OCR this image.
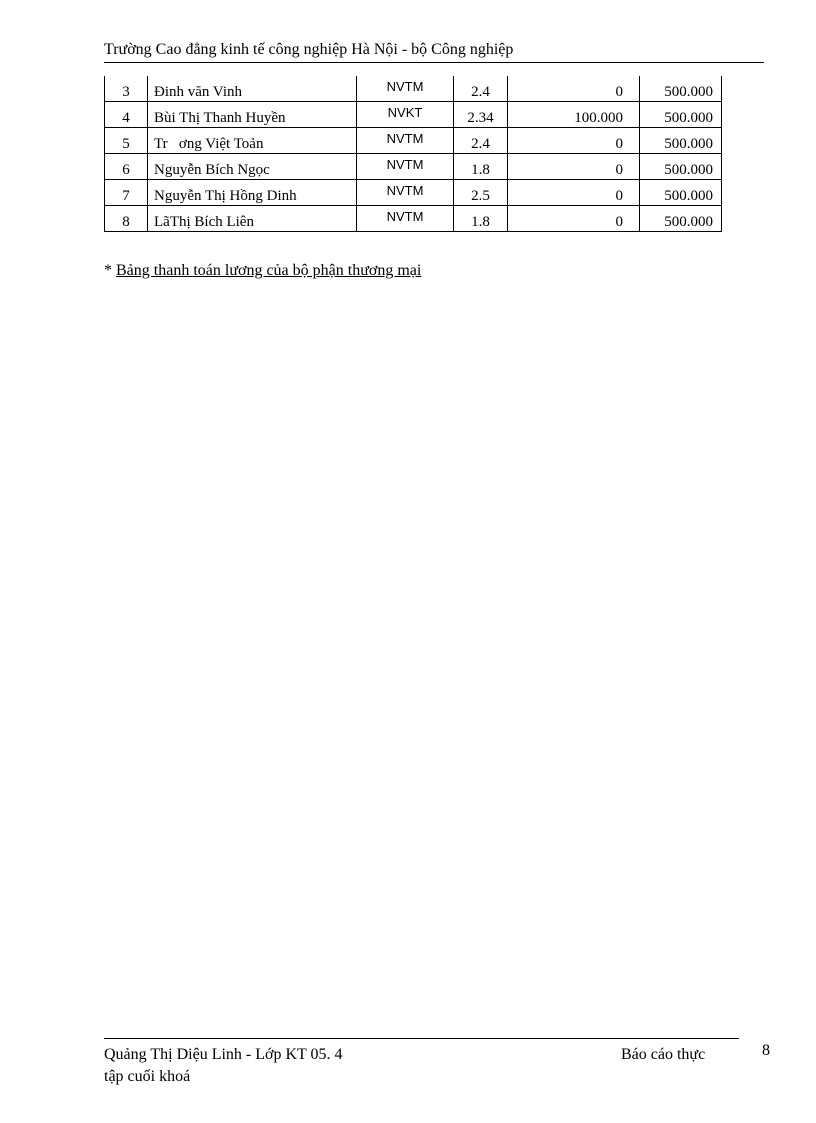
Trường Cao đẳng kinh tế công nghiệp Hà Nội - bộ Công nghiệp
3	Đinh văn Vinh	NVTM	2.4	0	500.000
4	Bùi Thị Thanh Huyền	NVKT	2.34	100.000	500.000
5	Tr   ơng Việt Toản	NVTM	2.4	0	500.000
6	Nguyễn Bích Ngọc	NVTM	1.8	0	500.000
7	Nguyễn Thị Hồng Dinh	NVTM	2.5	0	500.000
8	LãThị Bích Liên	NVTM	1.8	0	500.000
* Bảng thanh toán lương của bộ phận thương mại
Quảng Thị Diệu Linh - Lớp KT 05. 4
tập cuối khoá
Báo cáo thực	8
